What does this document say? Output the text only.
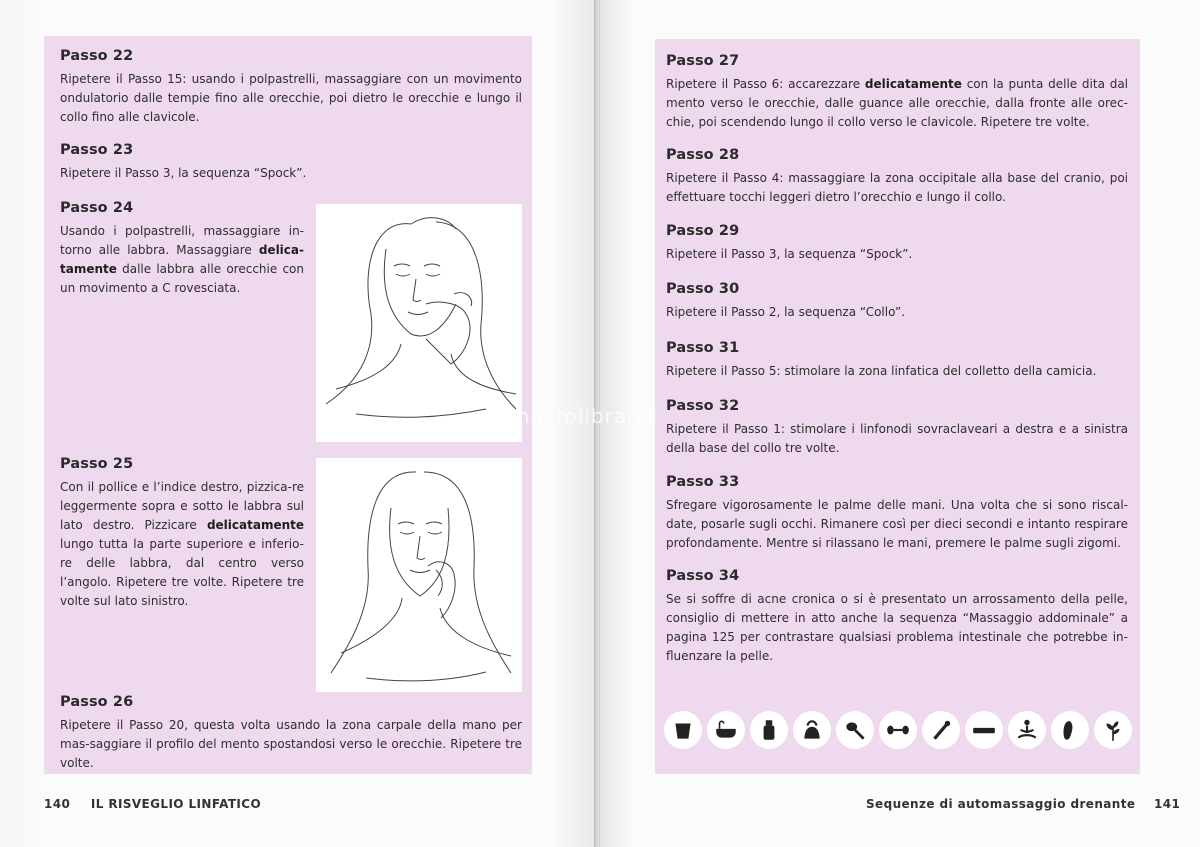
Passo 22

Ripetere il Passo 15: usando i polpastrelli, massaggiare con un movimento ondulatorio dalle tempie fino alle orecchie, poi dietro le orecchie e lungo il collo fino alle clavicole.

Passo 23

Ripetere il Passo 3, la sequenza “Spock”.

Passo 24

Usando i polpastrelli, massaggiare in-torno alle labbra. Massaggiare delica-tamente dalle labbra alle orecchie con un movimento a C rovesciata.

Passo 25

Con il pollice e l’indice destro, pizzica-re leggermente sopra e sotto le labbra sul lato destro. Pizzicare delicatamente lungo tutta la parte superiore e inferio-re delle labbra, dal centro verso l’angolo. Ripetere tre volte. Ripetere tre volte sul lato sinistro.

Passo 26

Ripetere il Passo 20, questa volta usando la zona carpale della mano per mas-saggiare il profilo del mento spostandosi verso le orecchie. Ripetere tre volte.

140 IL RISVEGLIO LINFATICO
Passo 27

Ripetere il Passo 6: accarezzare delicatamente con la punta delle dita dal mento verso le orecchie, dalle guance alle orecchie, dalla fronte alle orec-chie, poi scendendo lungo il collo verso le clavicole. Ripetere tre volte.

Passo 28

Ripetere il Passo 4: massaggiare la zona occipitale alla base del cranio, poi effettuare tocchi leggeri dietro l’orecchio e lungo il collo.

Passo 29

Ripetere il Passo 3, la sequenza “Spock”.

Passo 30

Ripetere il Passo 2, la sequenza “Collo”.

Passo 31

Ripetere il Passo 5: stimolare la zona linfatica del colletto della camicia.

Passo 32

Ripetere il Passo 1: stimolare i linfonodi sovraclaveari a destra e a sinistra della base del collo tre volte.

Passo 33

Sfregare vigorosamente le palme delle mani. Una volta che si sono riscal-date, posarle sugli occhi. Rimanere così per dieci secondi e intanto respirare profondamente. Mentre si rilassano le mani, premere le palme sugli zigomi.

Passo 34

Se si soffre di acne cronica o si è presentato un arrossamento della pelle, consiglio di mettere in atto anche la sequenza “Massaggio addominale” a pagina 125 per contrastare qualsiasi problema intestinale che potrebbe in-fluenzare la pelle.

Sequenze di automassaggio drenante 141
macrolibrarsi
